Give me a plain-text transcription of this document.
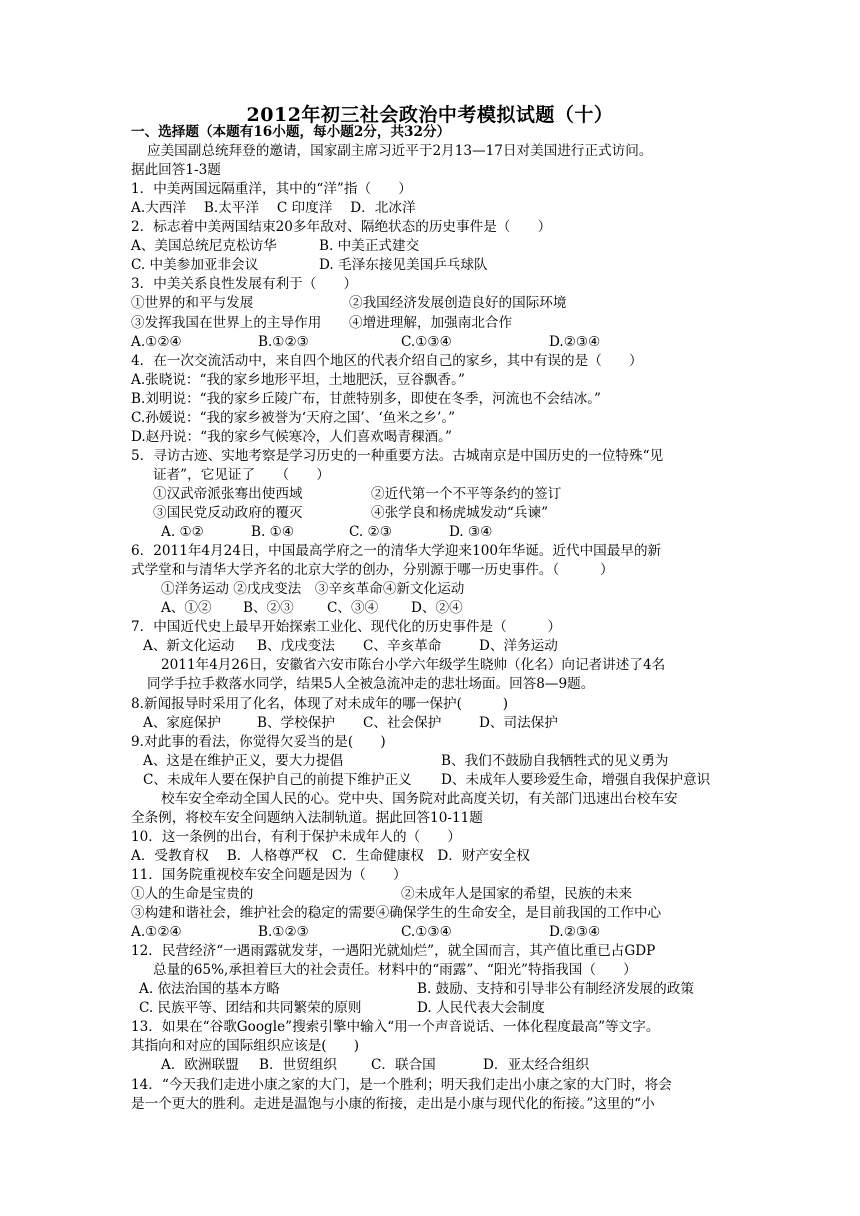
2012年初三社会政治中考模拟试题（十）
一、选择题（本题有16小题，每小题2分，共32分）
应美国副总统拜登的邀请，国家副主席习近平于2月13—17日对美国进行正式访问。
据此回答1-3题
1．中美两国远隔重洋，其中的“洋”指（　　）
A.大西洋　 B.太平洋　 C 印度洋　 D．北冰洋
2．标志着中美两国结束20多年敌对、隔绝状态的历史事件是（　　）
A、美国总统尼克松访华	B. 中美正式建交
C. 中美参加亚非会议	D. 毛泽东接见美国乒乓球队
3．中美关系良性发展有利于（　　）
①世界的和平与发展	②我国经济发展创造良好的国际环境
③发挥我国在世界上的主导作用 ④增进理解，加强南北合作
A.①②④	B.①②③	C.①③④	D.②③④
4．在一次交流活动中，来自四个地区的代表介绍自己的家乡，其中有误的是（　　）
A.张晓说：“我的家乡地形平坦，土地肥沃，豆谷飘香。”
B.刘明说：“我的家乡丘陵广布，甘蔗特别多，即使在冬季，河流也不会结冰。”
C.孙媛说：“我的家乡被誉为‘天府之国’、‘鱼米之乡’。”
D.赵丹说：“我的家乡气候寒冷，人们喜欢喝青稞酒。”
5．寻访古迹、实地考察是学习历史的一种重要方法。古城南京是中国历史的一位特殊“见
证者”，它见证了　　（　　）
①汉武帝派张骞出使西域	②近代第一个不平等条约的签订
③国民党反动政府的覆灭	④张学良和杨虎城发动“兵谏”
A. ①②	B. ①④	C. ②③	D. ③④
6．2011年4月24日，中国最高学府之一的清华大学迎来100年华诞。近代中国最早的新
式学堂和与清华大学齐名的北京大学的创办，分别源于哪一历史事件。（　　　）
①洋务运动 ②戊戌变法　③辛亥革命④新文化运动
A、①② B、②③ C、③④ D、②④
7．中国近代史上最早开始探索工业化、现代化的历史事件是（　　　）
A、新文化运动 B、戊戌变法 C、辛亥革命	D、洋务运动
2011年4月26日，安徽省六安市陈台小学六年级学生晓帅（化名）向记者讲述了4名
同学手拉手救落水同学，结果5人全被急流冲走的悲壮场面。回答8—9题。
8.新闻报导时采用了化名，体现了对未成年的哪一保护(　　　)
A、家庭保护	B、学校保护 C、社会保护	D、司法保护
9.对此事的看法，你觉得欠妥当的是(　　)
A、这是在维护正义，要大力提倡	B、我们不鼓励自我牺牲式的见义勇为
C、未成年人要在保护自己的前提下维护正义 D、未成年人要珍爱生命，增强自我保护意识
校车安全牵动全国人民的心。党中央、国务院对此高度关切，有关部门迅速出台校车安
全条例，将校车安全问题纳入法制轨道。据此回答10-11题
10．这一条例的出台，有利于保护未成年人的（　　）
A．受教育权　 B．人格尊严权　C．生命健康权　D．财产安全权
11．国务院重视校车安全问题是因为（　　）
①人的生命是宝贵的	②未成年人是国家的希望，民族的未来
③构建和谐社会，维护社会的稳定的需要④确保学生的生命安全，是目前我国的工作中心
A.①②④	B.①②③	C.①③④	D.②③④
12．民营经济“一遇雨露就发芽，一遇阳光就灿烂”，就全国而言，其产值比重已占GDP
总量的65%,承担着巨大的社会责任。材料中的“雨露”、“阳光”特指我国（　　）
A. 依法治国的基本方略	B. 鼓励、支持和引导非公有制经济发展的政策
C. 民族平等、团结和共同繁荣的原则	D. 人民代表大会制度
13．如果在“谷歌Google”搜索引擎中输入“用一个声音说话、一体化程度最高”等文字。
其指向和对应的国际组织应该是(　　)
A．欧洲联盟 B．世贸组织	C．联合国	D．亚太经合组织
14．“今天我们走进小康之家的大门，是一个胜利；明天我们走出小康之家的大门时，将会
是一个更大的胜利。走进是温饱与小康的衔接，走出是小康与现代化的衔接。”这里的“小
